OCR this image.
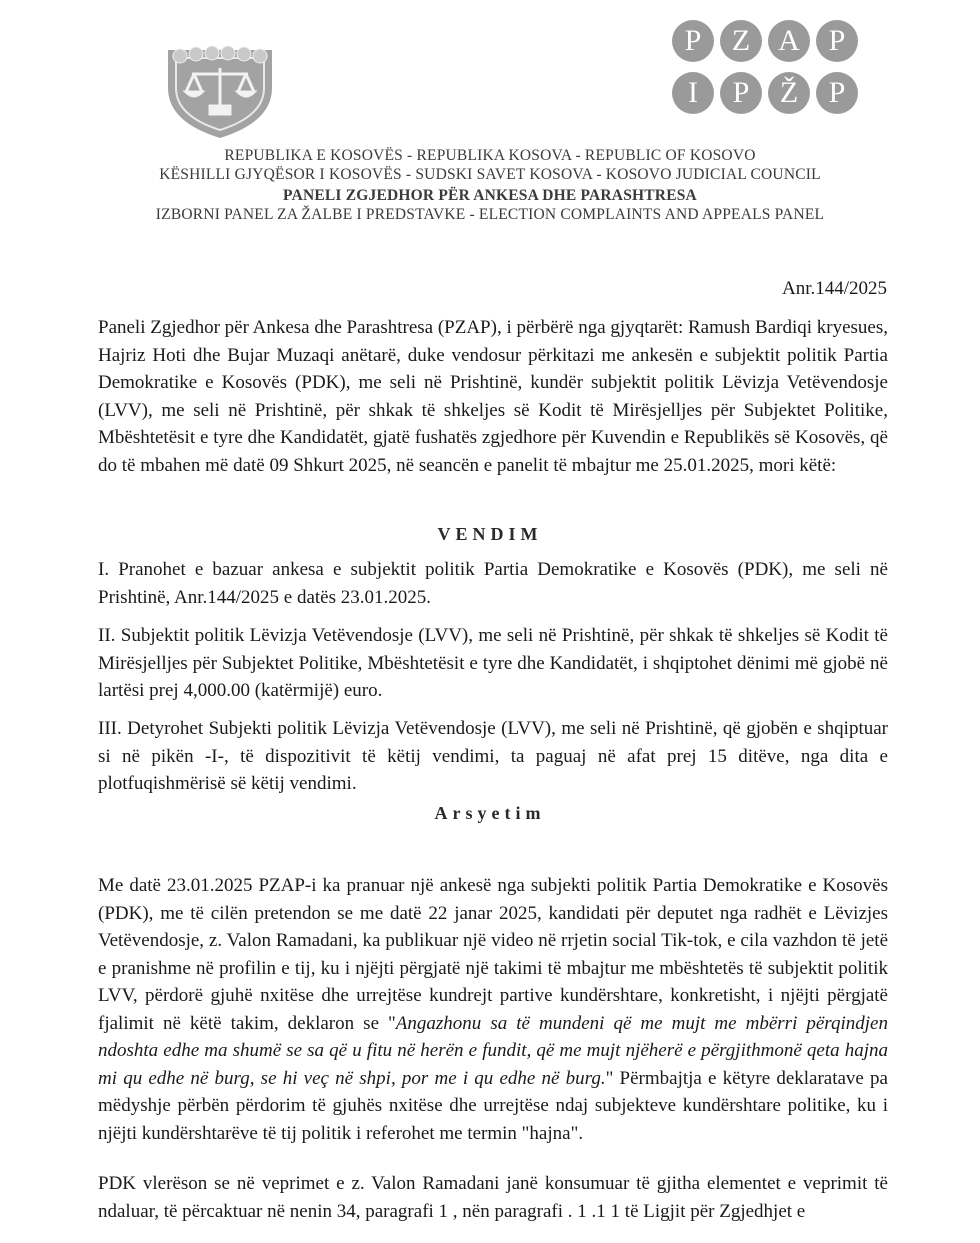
P	Z A P
I	P	Ž	P
REPUBLIKA E KOSOVËS - REPUBLIKA KOSOVA - REPUBLIC OF KOSOVO
KËSHILLI GJYQËSOR I KOSOVËS - SUDSKI SAVET KOSOVA - KOSOVO JUDICIAL COUNCIL
PANELI ZGJEDHOR PËR ANKESA DHE PARASHTRESA
IZBORNI PANEL ZA ŽALBE I PREDSTAVKE - ELECTION COMPLAINTS AND APPEALS PANEL
Anr.144/2025

Paneli Zgjedhor për Ankesa dhe Parashtresa (PZAP), i përbërë nga gjyqtarët: Ramush Bardiqi kryesues, Hajriz Hoti dhe Bujar Muzaqi anëtarë, duke vendosur përkitazi me ankesën e subjektit politik Partia Demokratike e Kosovës (PDK), me seli në Prishtinë, kundër subjektit politik Lëvizja Vetëvendosje (LVV), me seli në Prishtinë, për shkak të shkeljes së Kodit të Mirësjelljes për Subjektet Politike, Mbështetësit e tyre dhe Kandidatët, gjatë fushatës zgjedhore për Kuvendin e Republikës së Kosovës, që do të mbahen më datë 09 Shkurt 2025, në seancën e panelit të mbajtur me 25.01.2025, mori këtë:

VENDIM

I. Pranohet e bazuar ankesa e subjektit politik Partia Demokratike e Kosovës (PDK), me seli në Prishtinë, Anr.144/2025 e datës 23.01.2025.

II. Subjektit politik Lëvizja Vetëvendosje (LVV), me seli në Prishtinë, për shkak të shkeljes së Kodit të Mirësjelljes për Subjektet Politike, Mbështetësit e tyre dhe Kandidatët, i shqiptohet dënimi më gjobë në lartësi prej 4,000.00 (katërmijë) euro.

III. Detyrohet Subjekti politik Lëvizja Vetëvendosje (LVV), me seli në Prishtinë, që gjobën e shqiptuar si në pikën -I-, të dispozitivit të këtij vendimi, ta paguaj në afat prej 15 ditëve, nga dita e plotfuqishmërisë së këtij vendimi.

Arsyetim

Me datë 23.01.2025 PZAP-i ka pranuar një ankesë nga subjekti politik Partia Demokratike e Kosovës (PDK), me të cilën pretendon se me datë 22 janar 2025, kandidati për deputet nga radhët e Lëvizjes Vetëvendosje, z. Valon Ramadani, ka publikuar një video në rrjetin social Tik-tok, e cila vazhdon të jetë e pranishme në profilin e tij, ku i njëjti përgjatë një takimi të mbajtur me mbështetës të subjektit politik LVV, përdorë gjuhë nxitëse dhe urrejtëse kundrejt partive kundërshtare, konkretisht, i njëjti përgjatë fjalimit në këtë takim, deklaron se "Angazhonu sa të mundeni që me mujt me mbërri përqindjen ndoshta edhe ma shumë se sa që u fitu në herën e fundit, që me mujt njëherë e përgjithmonë qeta hajna mi qu edhe në burg, se hi veç në shpi, por me i qu edhe në burg." Përmbajtja e këtyre deklaratave pa mëdyshje përbën përdorim të gjuhës nxitëse dhe urrejtëse ndaj subjekteve kundërshtare politike, ku i njëjti kundërshtarëve të tij politik i referohet me termin "hajna".

PDK vlerëson se në veprimet e z. Valon Ramadani janë konsumuar të gjitha elementet e veprimit të ndaluar, të përcaktuar në nenin 34, paragrafi 1 , nën paragrafi . 1 .1 1 të Ligjit për Zgjedhjet e
